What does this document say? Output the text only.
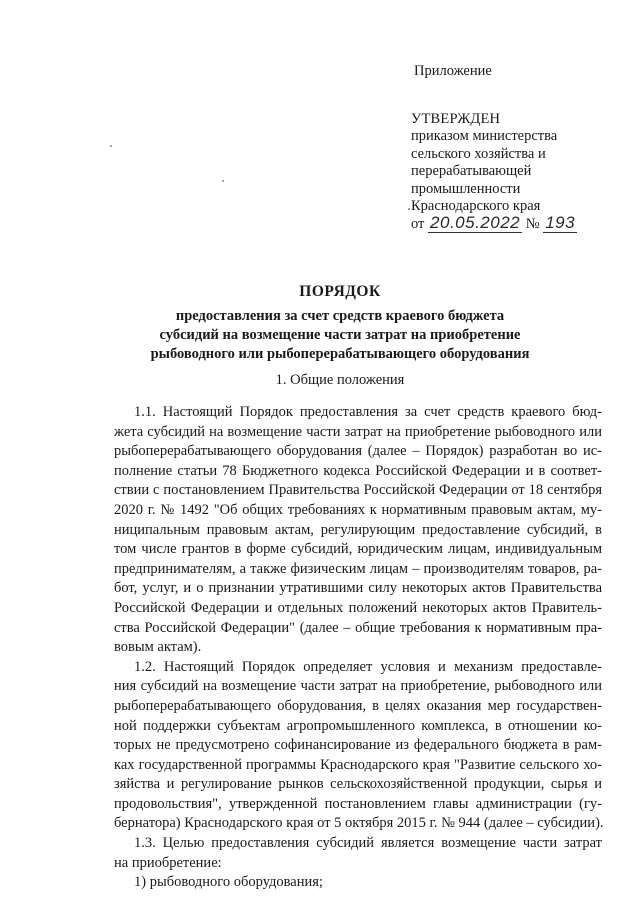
Приложение
УТВЕРЖДЕН
приказом министерства
сельского хозяйства и
перерабатывающей
промышленности
Краснодарского края
от 20.05.2022 № 193
ПОРЯДОК
предоставления за счет средств краевого бюджета
субсидий на возмещение части затрат на приобретение
рыбоводного или рыбоперерабатывающего оборудования
1. Общие положения
1.1. Настоящий Порядок предоставления за счет средств краевого бюд-
жета субсидий на возмещение части затрат на приобретение рыбоводного или
рыбоперерабатывающего оборудования (далее – Порядок) разработан во ис-
полнение статьи 78 Бюджетного кодекса Российской Федерации и в соответ-
ствии с постановлением Правительства Российской Федерации от 18 сентября
2020 г. № 1492 "Об общих требованиях к нормативным правовым актам, му-
ниципальным правовым актам, регулирующим предоставление субсидий, в
том числе грантов в форме субсидий, юридическим лицам, индивидуальным
предпринимателям, а также физическим лицам – производителям товаров, ра-
бот, услуг, и о признании утратившими силу некоторых актов Правительства
Российской Федерации и отдельных положений некоторых актов Правитель-
ства Российской Федерации" (далее – общие требования к нормативным пра-
вовым актам).
1.2. Настоящий Порядок определяет условия и механизм предоставле-
ния субсидий на возмещение части затрат на приобретение, рыбоводного или
рыбоперерабатывающего оборудования, в целях оказания мер государствен-
ной поддержки субъектам агропромышленного комплекса, в отношении ко-
торых не предусмотрено софинансирование из федерального бюджета в рам-
ках государственной программы Краснодарского края "Развитие сельского хо-
зяйства и регулирование рынков сельскохозяйственной продукции, сырья и
продовольствия", утвержденной постановлением главы администрации (гу-
бернатора) Краснодарского края от 5 октября 2015 г. № 944 (далее – субсидии).
1.3. Целью предоставления субсидий является возмещение части затрат
на приобретение:
1) рыбоводного оборудования;
